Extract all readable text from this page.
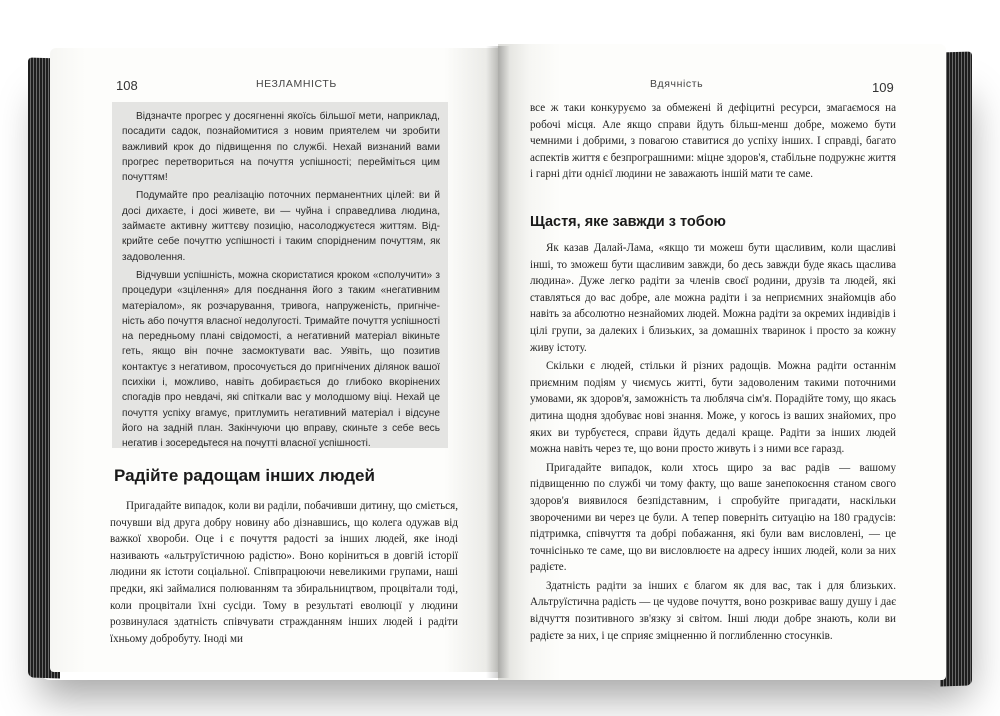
108	НЕЗЛАМНІСТЬ

Відзначте прогрес у досягненні якоїсь більшої мети, наприклад, посадити садок, познайомитися з новим приятелем чи зробити важливий крок до підвищення по службі. Нехай визнаний вами прогрес перетвориться на почуття успішності; перейміться цим почуттям!

Подумайте про реалізацію поточних перманентних цілей: ви й досі дихаєте, і досі живете, ви — чуйна і справедлива людина, займаєте активну життєву позицію, насолоджуєтеся життям. Відкрийте себе почуттю успішності і таким спорідненим почуттям, як задоволення.

Відчувши успішність, можна скористатися кроком «сполучити» з процедури «зцілення» для поєднання його з таким «негативним матеріалом», як розчарування, тривога, напруженість, пригніченість або почуття власної недолугості. Тримайте почуття успішності на передньому плані свідомості, а негативний матеріал вікиньте геть, якщо він почне засмоктувати вас. Уявіть, що позитив контактує з негативом, просочується до пригнічених ділянок вашої психіки і, можливо, навіть добирається до глибоко вкорінених спогадів про невдачі, які спіткали вас у молодшому віці. Нехай це почуття успіху вгамує, притлумить негативний матеріал і відсуне його на задній план. Закінчуючи цю вправу, скиньте з себе весь негатив і зосередьтеся на почутті власної успішності.

Радійте радощам інших людей

Пригадайте випадок, коли ви раділи, побачивши дитину, що сміється, почувши від друга добру новину або дізнавшись, що колега одужав від важкої хвороби. Оце і є почуття радості за інших людей, яке іноді називають «альтруїстичною радістю». Воно коріниться в довгій історії людини як істоти соціальної. Співпрацюючи невеликими групами, наші предки, які займалися полюванням та збиральництвом, процвітали тоді, коли процвітали їхні сусіди. Тому в результаті еволюції у людини розвинулася здатність співчувати стражданням інших людей і радіти їхньому добробуту. Іноді ми

Вдячність	109

все ж таки конкуруємо за обмежені й дефіцитні ресурси, змагаємося на робочі місця. Але якщо справи йдуть більш-менш добре, можемо бути чемними і добрими, з повагою ставитися до успіху інших. І справді, багато аспектів життя є безпрограшними: міцне здоров'я, стабільне подружнє життя і гарні діти однієї людини не заважають іншій мати те саме.

Щастя, яке завжди з тобою

Як казав Далай-Лама, «якщо ти можеш бути щасливим, коли щасливі інші, то зможеш бути щасливим завжди, бо десь завжди буде якась щаслива людина». Дуже легко радіти за членів своєї родини, друзів та людей, які ставляться до вас добре, але можна радіти і за неприємних знайомців або навіть за абсолютно незнайомих людей. Можна радіти за окремих індивідів і цілі групи, за далеких і близьких, за домашніх тваринок і просто за кожну живу істоту.

Скільки є людей, стільки й різних радощів. Можна радіти останнім приємним подіям у чиємусь житті, бути задоволеним такими поточними умовами, як здоров'я, заможність та любляча сім'я. Порадійте тому, що якась дитина щодня здобуває нові знання. Може, у когось із ваших знайомих, про яких ви турбуєтеся, справи йдуть дедалі краще. Радіти за інших людей можна навіть через те, що вони просто живуть і з ними все гаразд.

Пригадайте випадок, коли хтось щиро за вас радів — вашому підвищенню по службі чи тому факту, що ваше занепокоєння станом свого здоров'я виявилося безпідставним, і спробуйте пригадати, наскільки звороченими ви через це були. А тепер поверніть ситуацію на 180 градусів: підтримка, співчуття та добрі побажання, які були вам висловлені, — це точнісінько те саме, що ви висловлюєте на адресу інших людей, коли за них радієте.

Здатність радіти за інших є благом як для вас, так і для близьких. Альтруїстична радість — це чудове почуття, воно розкриває вашу душу і дає відчуття позитивного зв'язку зі світом. Інші люди добре знають, коли ви радієте за них, і це сприяє зміцненню й поглибленню стосунків.
